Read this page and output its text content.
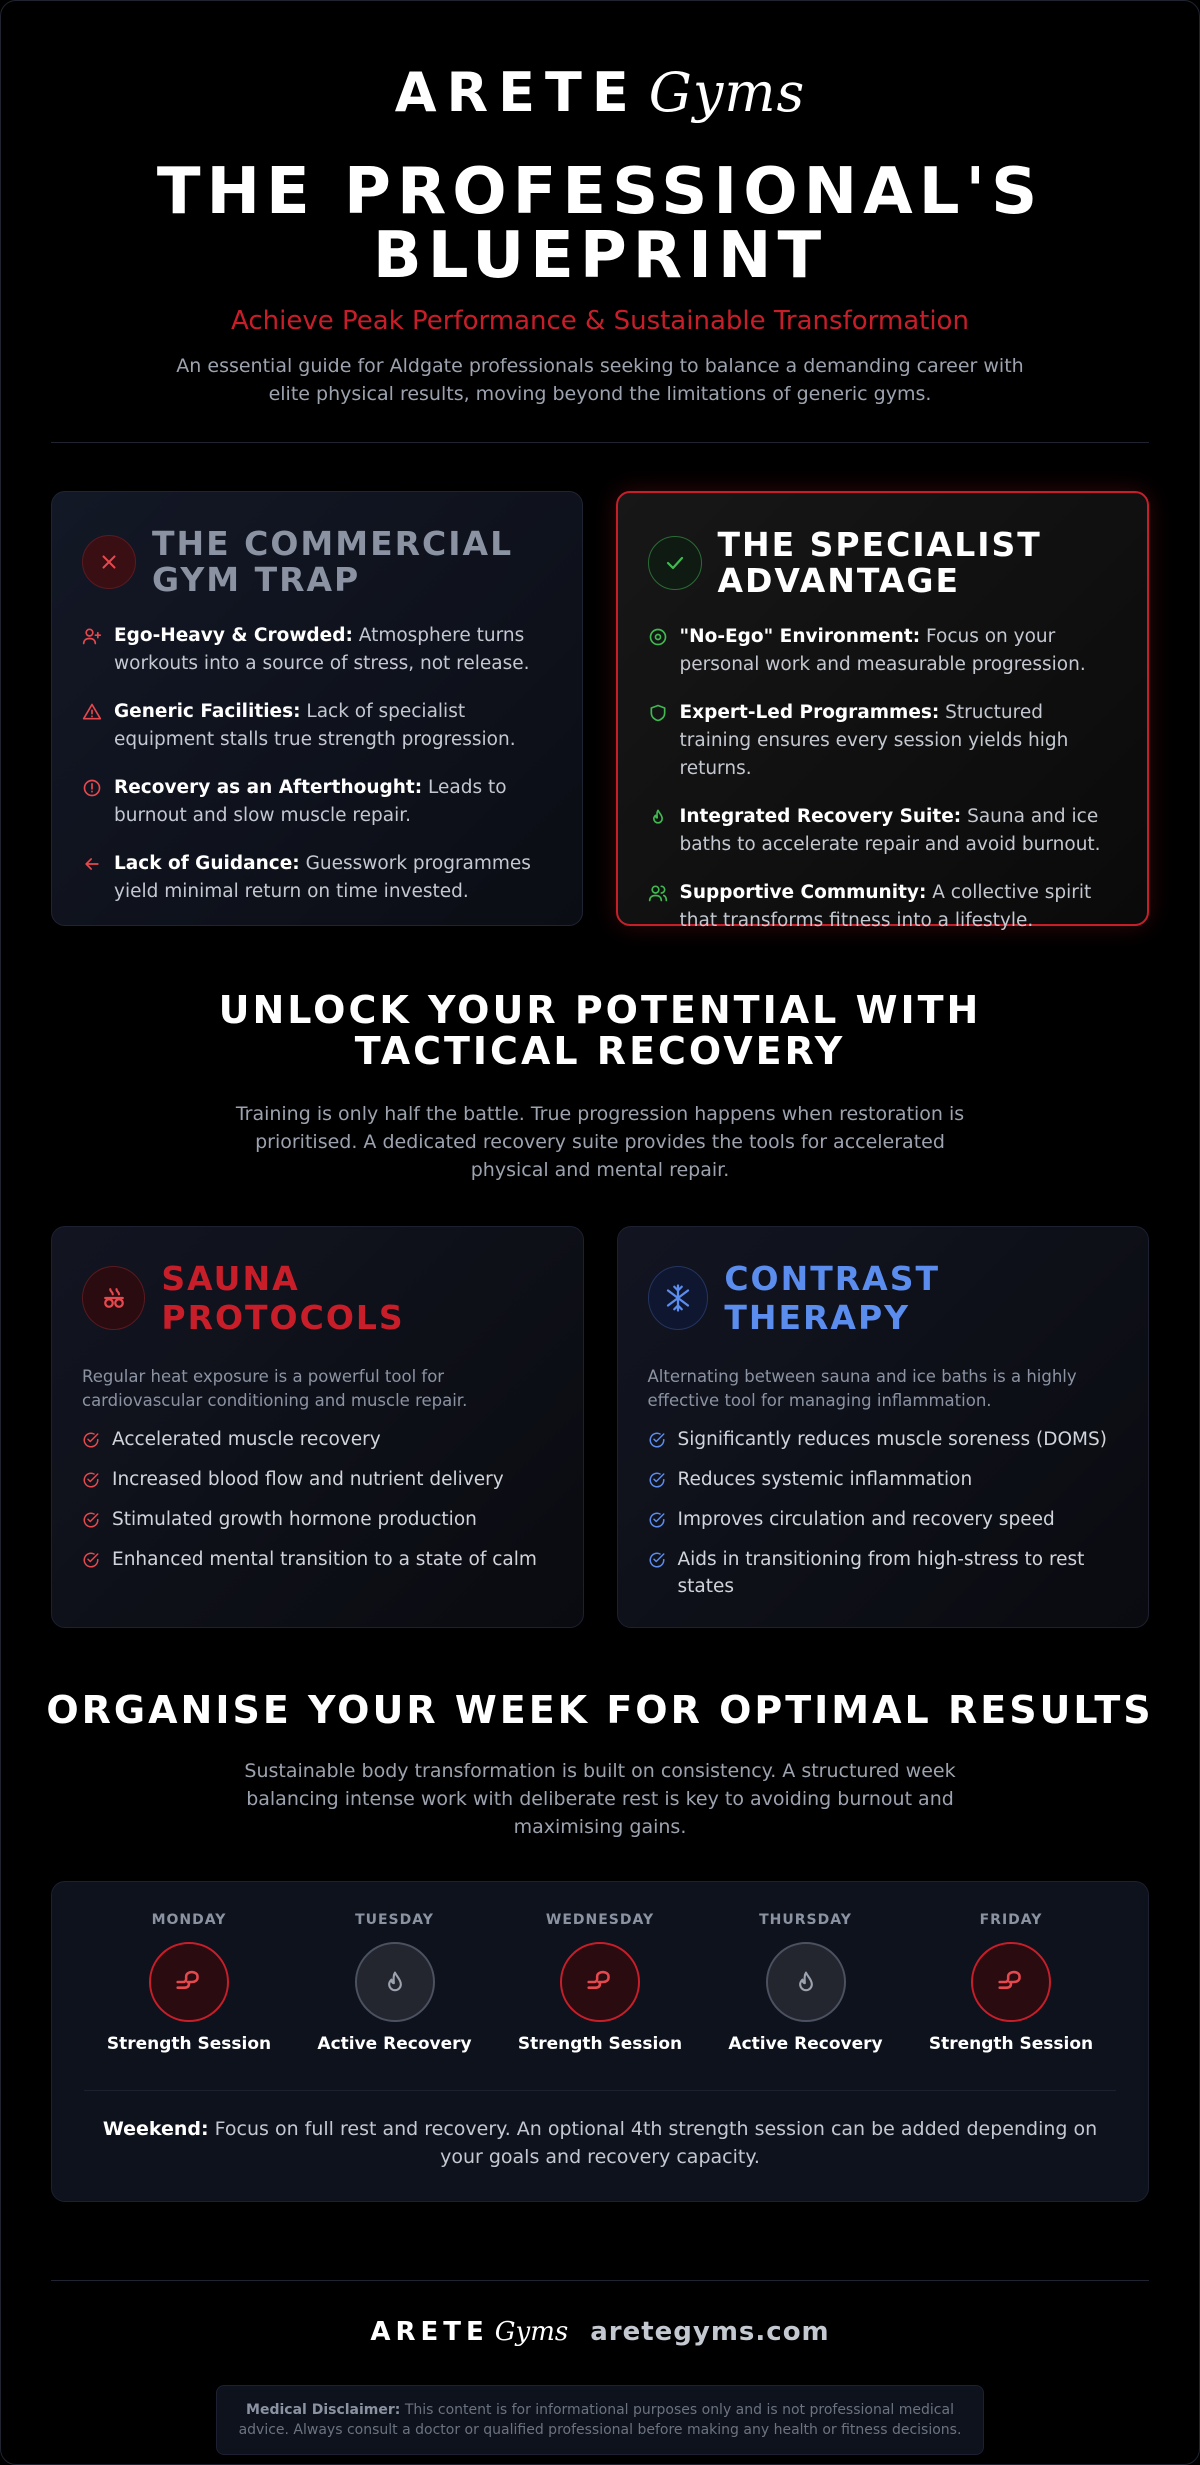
ARETE Gyms
THE PROFESSIONAL'S BLUEPRINT
Achieve Peak Performance & Sustainable Transformation
An essential guide for Aldgate professionals seeking to balance a demanding career with elite physical results, moving beyond the limitations of generic gyms.
THE COMMERCIAL GYM TRAP
Ego-Heavy & Crowded: Atmosphere turns workouts into a source of stress, not release.
Generic Facilities: Lack of specialist equipment stalls true strength progression.
Recovery as an Afterthought: Leads to burnout and slow muscle repair.
Lack of Guidance: Guesswork programmes yield minimal return on time invested.
THE SPECIALIST ADVANTAGE
"No-Ego" Environment: Focus on your personal work and measurable progression.
Expert-Led Programmes: Structured training ensures every session yields high returns.
Integrated Recovery Suite: Sauna and ice baths to accelerate repair and avoid burnout.
Supportive Community: A collective spirit that transforms fitness into a lifestyle.
UNLOCK YOUR POTENTIAL WITH TACTICAL RECOVERY
Training is only half the battle. True progression happens when restoration is prioritised. A dedicated recovery suite provides the tools for accelerated physical and mental repair.
SAUNA PROTOCOLS
Regular heat exposure is a powerful tool for cardiovascular conditioning and muscle repair.
Accelerated muscle recovery
Increased blood flow and nutrient delivery
Stimulated growth hormone production
Enhanced mental transition to a state of calm
CONTRAST THERAPY
Alternating between sauna and ice baths is a highly effective tool for managing inflammation.
Significantly reduces muscle soreness (DOMS)
Reduces systemic inflammation
Improves circulation and recovery speed
Aids in transitioning from high-stress to rest states
ORGANISE YOUR WEEK FOR OPTIMAL RESULTS
Sustainable body transformation is built on consistency. A structured week balancing intense work with deliberate rest is key to avoiding burnout and maximising gains.
MONDAY
Strength Session
TUESDAY
Active Recovery
WEDNESDAY
Strength Session
THURSDAY
Active Recovery
FRIDAY
Strength Session
Weekend: Focus on full rest and recovery. An optional 4th strength session can be added depending on your goals and recovery capacity.
ARETE Gyms aretegyms.com
Medical Disclaimer: This content is for informational purposes only and is not professional medical advice. Always consult a doctor or qualified professional before making any health or fitness decisions.
